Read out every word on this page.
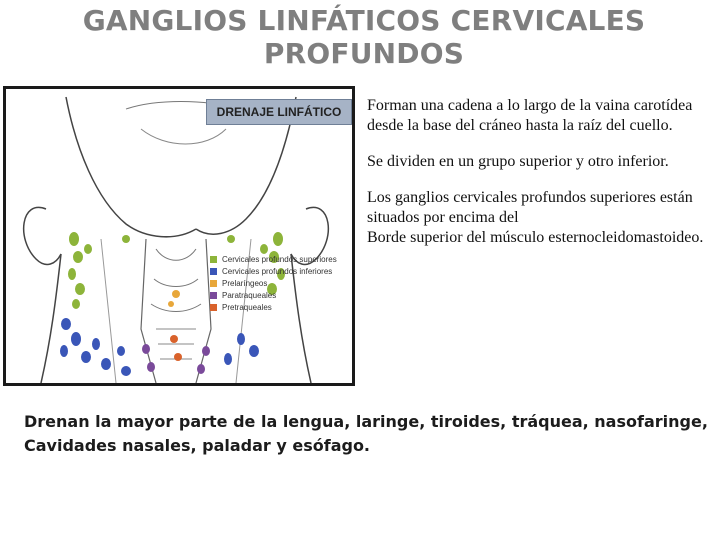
GANGLIOS LINFÁTICOS CERVICALES PROFUNDOS
DRENAJE LINFÁTICO
Cervicales profundos superiores
Cervicales profundos inferiores
Prelaríngeos
Paratraqueales
Pretraqueales

Forman una cadena a lo largo de la vaina carotídea desde la base del cráneo hasta la raíz del cuello.

Se dividen en un grupo superior y otro inferior.

Los ganglios cervicales profundos superiores están situados por encima del
Borde superior del músculo esternocleidomastoideo.

Drenan la mayor parte de la lengua, laringe, tiroides, tráquea, nasofaringe,
Cavidades nasales, paladar y esófago.
